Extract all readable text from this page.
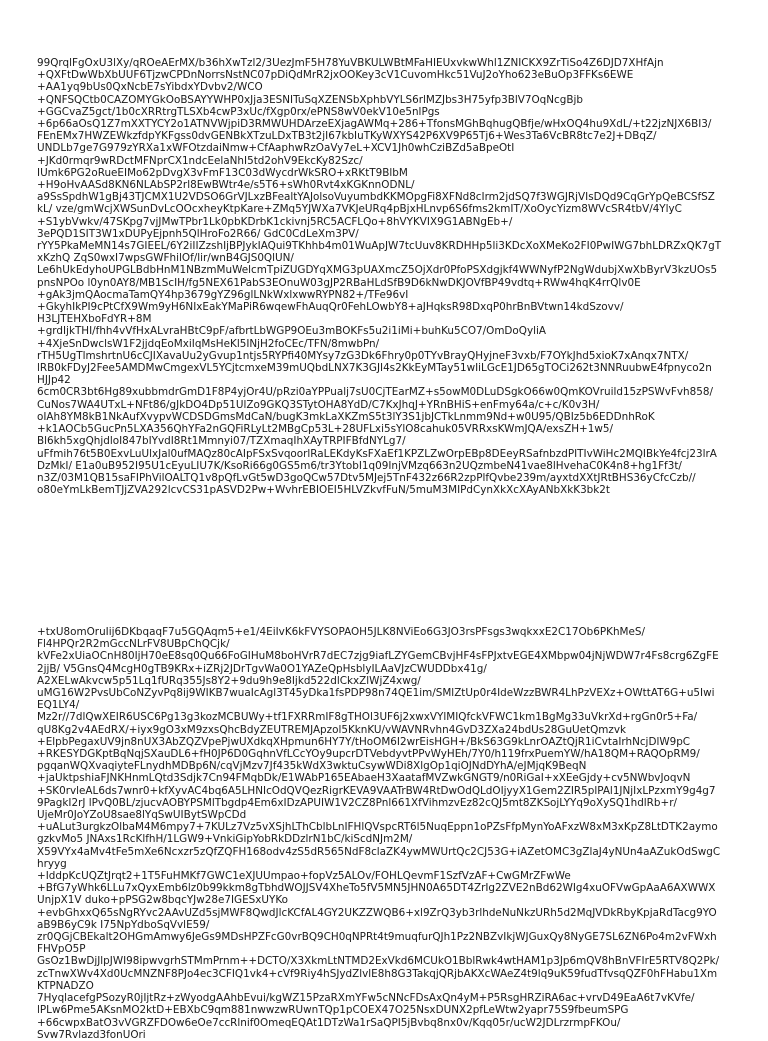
99QrqlFgOxU3lXy/qROeAErMX/b36hXwTzl2/3UezJmF5H78YuVBKULWBtMFaHIEUxvkwWhl1ZNICKX9ZrTiSo4Z6DJD7XHfAjn
+QXFtDwWbXbUUF6TjzwCPDnNorrsNstNC07pDiQdMrR2jxOOKey3cV1CuvomHkc51VuJ2oYho623eBuOp3FFKs6EWE
+AA1yq9bUs0QxNcbE7sYibdxYDvbv2/WCO
+QNFSQCtb0CAZOMYGkOoBSAYYWHP0xJja3ESNITuSqXZENSbXphbVYLS6rlMZJbs3H75yfp3BlV7OqNcgBjb
+GGCvaZ5gct/1b0cXRRtrgTLSXb4cwP3xUc/fXgp0rx/ePNS8wV0ekV10e5nlPgs
+6p66aOsQ1Z7mXXTYCY2o1ATNVWjpiD3RMWUHDArzeEXjagAWMq+286+TfonsMGhBqhugQBfje/wHxOQ4hu9XdL/+t22jzNJX6BI3/
FEnEMx7HWZEWkzfdpYKFgss0dvGENBkXTzuLDxTB3t2jI67kbIuTKyWXYS42P6XV9P65Tj6+Wes3Ta6VcBR8tc7e2J+DBqZ/
UNDLb7ge7G979zYRXa1xWFOtzdaiNmw+CfAaphwRzOaVy7eL+XCV1Jh0whCziBZd5aBpeOtI
+JKd0rmqr9wRDctMFNprCX1ndcEelaNhI5td2ohV9EkcKy82Szc/
IUmk6PG2oRueEIMo62pDvgX3vFmF13C03dWycdrWkSRO+xRKtT9BlbM
+H9oHvAASd8KN6NLAbSP2rl8EwBWtr4e/s5T6+sWh0Rvt4xKGKnnODNL/
a9SsSpdhW1gBj43TJCMX1U2VDSO6GrVJLxzBFealtYAJolsoVuyumbdKKMOpgFi8XFNd8cIrm2jdSQ7f3WGJRjVIsDQd9CqGrYpQeBCSfSZ
kL/ vze/gmWcjXWSunDvLcOOcxheyKtpKare+ZMq5YJWXa7VKJeURq4pBjxHLnvp6S6fms2kmIT/XoOycYizm8WVcSR4tbV/4YlyC
+S1ybVwkv/47SKpg7vjJMwTPbr1Lk0pbKDrbK1ckivnj5RC5ACFLQo+8hVYKVIX9G1ABNgEb+/
3ePQD1SIT3W1xDUPyEjpnh5QlHroFo2R66/ GdC0CdLeXm3PV/
rYY5PkaMeMN14s7GIEEL/6Y2iIIZzshIjBPJykIAQui9TKhhb4m01WuApJW7tcUuv8KRDHHp5li3KDcXoXMeKo2FI0PwIWG7bhLDRZxQK7gT
xKzhQ ZqS0wxI7wpsGWFhilOf/lir/wnB4GJS0QlUN/
Le6hUkEdyhoUPGLBdbHnM1NBzmMuWelcmTpiZUGDYqXMG3pUAXmcZ5OjXdr0PfoPSXdgjkf4WWNyfP2NgWdubjXwXbByrV3kzUOs5
pnsNPOo l0yn0AY8/MB1ScIH/fg5NEX61PabS3EOnuW03gJP2RBaHLdSfB9D6kNwDKJOVfBP49vdtq+RWw4hqK4rrQlv0E
+gAk3jmQAocmaTamQY4hp3679gYZ96glLNkWxlxwwRYPN82+/TFe96vI
+GkyhIkPI9cPtCfX9Wm9yH6NIxEakYMaPiR6wqewFhAuqQr0FehLOwbY8+aJHqksR98DxqP0hrBnBVtwn14kdSzovv/
H3LJTEHXboFdYR+8M
+grdIjkTHI/fhh4vVfHxALvraHBtC9pF/afbrtLbWGP9OEu3mBOKFs5u2i1iMi+buhKu5CO7/OmDoQyliA
+4XjeSnDwclsW1F2jjdqEoMxiIqMsHeKl5INjH2foCEc/TFN/8mwbPn/
rTH5UgTlmshrtnU6cCJIXavaUu2yGvup1ntjs5RYPfi40MYsy7zG3Dk6Fhry0p0TYvBrayQHyjneF3vxb/F7OYkJhd5xioK7xAnqx7NTX/
lRB0kFDyJ2Fee5AMDMwCmgexVL5YCjtcmxeM39mUQbdLNX7K3GJI4s2KkEyMTay51wIiLGcE1JD65gTOCi262t3NNRuubwE4fpnyco2n
HJJp42
6cm0CR3bt6Hg89xubbmdrGmD1F8P4yjOr4U/pRzi0aYPPualj7sU0CjTEarMZ+s5owM0DLuDSgkO66w0QmKOVruild15zPSWvFvh858/
CuNos7WA4UTxL+NFt86/gJkDO4Dp51UlZo9GKQ3STytOHA8YdD/C7KxJhqJ+YRnBHiS+enFmy64a/c+c/K0v3H/
oIAh8YM8kB1NkAufXvypvWCDSDGmsMdCaN/bugK3mkLaXKZmS5t3lY3S1jbJCTkLnmm9Nd+w0U95/QBIz5b6EDDnhRoK
+k1AOCb5GucPn5LXA356QhYFa2nGQFiRLyLt2MBgCp53L+28UFLxi5sYlO8cahuk05VRRxsKWmJQA/exsZH+1w5/
Bl6kh5xgQhjdloI847bIYvdI8Rt1Mmnyi07/TZXmaqIhXAyTRPIFBfdNYLg7/
uFfmih76t5B0ExvLuUlxJal0ufMAQz80cAIpFSxSvqoorlRaLEKdyKsFXaEf1KPZLZwOrpEBp8DEeyRSafnbzdPITIvWiHc2MQIBkYe4fcj23lrA
DzMkI/ E1a0uB952I95U1cEyuLIU7K/KsoRi66g0GS5m6/tr3YtobI1q09InjVMzq663n2UQzmbeN41vae8lHvehaC0K4n8+hg1Ff3t/
n3Z/03M1QB15saFIPhVilOALTQ1v8pQfLvGt5wD3goQCw57Dtv5MJej5TnF432z66R2zpPlfQvbe239m/ayxtdXXtJRtBHS36yCfcCzb//
o80eYmLkBemTJjZVA292lcvCS31pASVD2Pw+WvhrEBIOEI5HLVZkvfFuN/5muM3MIPdCynXkXcXAyANbXkK3bk2t
+txU8omOruIij6DKbqaqF7u5GQAqm5+e1/4EiIvK6kFVYSOPAOH5JLK8NViEo6G3JO3rsPFsgs3wqkxxE2C17Ob6PKhMeS/
Fl4HPQr2R2mGccNLrFV8UBpChQCjk/
kVFe2xUiaOCnH80IjH70eE8sq0Qu66FoGIHuM8boHVrR7dEC7zjg9iafLZYGemCBvjHF4sFPJxtvEGE4XMbpw04jNjWDW7r4Fs8crg6ZgFE
2jjB/ V5GnsQ4McgH0gTB9KRx+iZRj2JDrTgvWa0O1YAZeQpHsblyILAaVJzCWUDDbx41g/
A2XELwAkvcw5p51Lq1fURq355Js8Y2+9du9h9e8Ijkd522dlCkxZlWjZ4xwg/
uMG16W2PvsUbCoNZyvPq8ij9WIKB7wuaIcAgl3T45yDka1fsPDP98n74QE1im/SMlZtUp0r4IdeWzzBWR4LhPzVEXz+OWttAT6G+u5Iwi
EQ1LY4/
Mz2r//7dlQwXEIR6USC6Pg13g3kozMCBUWy+tf1FXRRmIF8gTHOl3UF6j2xwxVYlMIQfckVFWC1km1BgMg33uVkrXd+rgGn0r5+Fa/
qU8Kg2v4AEdRX/+iyx9gO3xM9zxsQhcBdyZEUTREMJApzol5KknKU/vWAVNRvhn4GvD3ZXa24bdUs28GuUetQmzvk
+ElpbPegaxUV9jn8nUX3AbZQZVpePjwUXdkqXHpmun6HY7Y/tHoOM6I2wrEisHGH+/BkS63G9kLnrOAZtQjR1iCvtaIrhNcjDlW9pC
+RKESYDGKptBqNqjSXauDL6+fH0JP6D0GqhnVfLCcYOy9upcrDTVebdyvtPPvWyHEh/7Y0/h119frxPuemYW/hA18QM+RAQOpRM9/
pgqanWQXvaqiyteFLnydhMDBp6N/cqVjMzv7Jf435kWdX3wktuCsywWDi8XlgOp1qiOJNdDYhA/eJMjqK9BeqN
+jaUktpshiaFJNKHnmLQtd3Sdjk7Cn94FMqbDk/E1WAbP165EAbaeH3XaatafMVZwkGNGT9/n0RiGaI+xXEeGjdy+cv5NWbvJoqvN
+SK0rvleAL6ds7wnr0+kfXyvAC4bq6A5LHNIcOdQVQezRigrKEVA9VAATrBW4RtDwOdQLdOIjyyX1Gem2ZIR5plPAl1JNjIxLPzxmY9g4g7
9PagkI2rJ lPvQ0BL/zjucvAOBYPSMlTbgdp4Em6xIDzAPUIW1V2CZ8Pnl661XfVihmzvEz82cQJ5mt8ZKSojLYYq9oXySQ1hdlRb+r/
UjeMr0JoYZoU8sae8lYqSwUIBytSWpCDd
+uALut3urgkzOlbaM4M6mpy7+7KULz7Vz5vXSjhLThCblbLnIFHlQVspcRT6l5NuqEppn1oPZsFfpMynYoAFxzW8xM3xKpZ8LtDTK2aymo
gzkvMo5 JNAxs1RcKlfhH/1LGW9+VnkiGipYobRkDDzlrN1bC/kiScdNJm2M/
X59VYx4aMv4tFe5mXe6Ncxzr5zQfZQFH168odv4zS5dR565NdF8claZK4ywMWUrtQc2CJ53G+iAZetOMC3gZlaJ4yNUn4aAZukOdSwgC
hryyg
+IddpKcUQZtJrqt2+1T5FuHMKf7GWC1eXJUUmpao+fopVz5ALOv/FOHLQevmF1SzfVzAF+CwGMrZFwWe
+BfG7yWhk6LLu7xQyxEmb6lz0b99kkm8gTbhdWOJJSV4XheTo5fV5MN5JHN0A65DT4ZrIg2ZVE2nBd62WIg4xuOFVwGpAaA6AXWWX
UnjpX1V duko+pPSG2w8bqcYJw28e7IGESxUYKo
+evbGhxxQ65sNgRYvc2AAvUZd5sjMWF8QwdJlcKCfAL4GY2UKZZWQB6+xl9ZrQ3yb3rlhdeNuNkzURh5d2MqJVDkRbyKpjaRdTacg9YO
aB9B6yC9k I75NpYdboSqVvlE59/
zr0QGjCBEkalt2OHGmAmwy6JeGs9MDsHPZFcG0vrBQ9CH0qNPRt4t9muqfurQJh1Pz2NBZvIkjWJGuxQy8NyGE7SL6ZN6Po4m2vFWxh
FHVpO5P
GsOz1BwDjJlpJWI98ipwvgrhSTMmPrnm++DCTO/X3XkmLtNTMD2ExVkd6MCUkO1BblRwk4wtHAM1p3Jp6mQV8hBnVFIrE5RTV8Q2Pk/
zcTnwXWv4Xd0UcMNZNF8PJo4ec3CFIQ1vk4+cVf9Riy4hSJydZlvlE8h8G3TakqjQRjbAKXcWAeZ4t9lq9uK59fudTfvsqQZF0hFHabu1Xm
KTPNADZO
7HyqlacefgPSozyR0jIjtRz+zWyodgAAhbEvui/kgWZ15PzaRXmYFw5cNNcFDsAxQn4yM+P5RsgHRZiRA6ac+vrvD49EaA6t7vKVfe/
lPLw6Pme5AKsnMO2ktD+EBXbC9qm881nwwzwRUwnTQp1pCOEX47O25NsxDUNX2pfLeWtw2yapr75S9fbeumSPG
+66cwpxBatO3vVGRZFDOw6eOe7ccRlnif0OmeqEQAt1DTzWa1rSaQPI5jBvbq8nx0v/Kqq05r/ucW2JDLrzrmpFKOu/
Svw7Rvlazd3fonUOri
